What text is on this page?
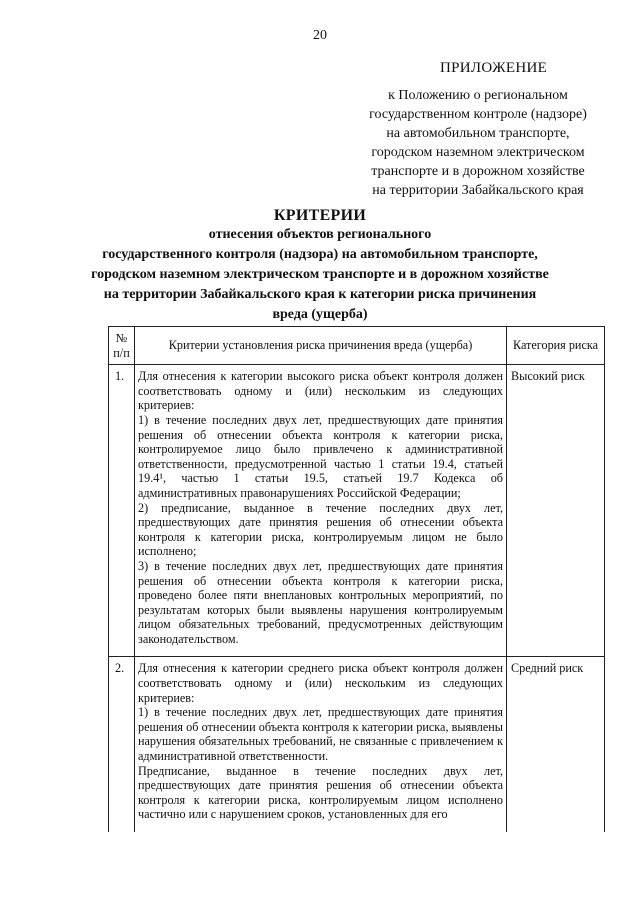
20
ПРИЛОЖЕНИЕ
к Положению о региональном
государственном контроле (надзоре)
на автомобильном транспорте,
городском наземном электрическом
транспорте и в дорожном хозяйстве
на территории Забайкальского края
КРИТЕРИИ
отнесения объектов регионального
государственного контроля (надзора) на автомобильном транспорте,
городском наземном электрическом транспорте и в дорожном хозяйстве
на территории Забайкальского края к категории риска причинения
вреда (ущерба)
№ п/п	Критерии установления риска причинения вреда (ущерба)	Категория риска
1.	Для отнесения к категории высокого риска объект контроля должен соответствовать одному и (или) нескольким из следующих критериев:

1) в течение последних двух лет, предшествующих дате принятия решения об отнесении объекта контроля к категории риска, контролируемое лицо было привлечено к административной ответственности, предусмотренной частью 1 статьи 19.4, статьей 19.4¹, частью 1 статьи 19.5, статьей 19.7 Кодекса об административных правонарушениях Российской Федерации;

2) предписание, выданное в течение последних двух лет, предшествующих дате принятия решения об отнесении объекта контроля к категории риска, контролируемым лицом не было исполнено;

3) в течение последних двух лет, предшествующих дате принятия решения об отнесении объекта контроля к категории риска, проведено более пяти внеплановых контрольных мероприятий, по результатам которых были выявлены нарушения контролируемым лицом обязательных требований, предусмотренных действующим законодательством.	Высокий риск
2.	Для отнесения к категории среднего риска объект контроля должен соответствовать одному и (или) нескольким из следующих критериев:

1) в течение последних двух лет, предшествующих дате принятия решения об отнесении объекта контроля к категории риска, выявлены нарушения обязательных требований, не связанные с привлечением к административной ответственности.

Предписание, выданное в течение последних двух лет, предшествующих дате принятия решения об отнесении объекта контроля к категории риска, контролируемым лицом исполнено частично или с нарушением сроков, установленных для его	Средний риск
